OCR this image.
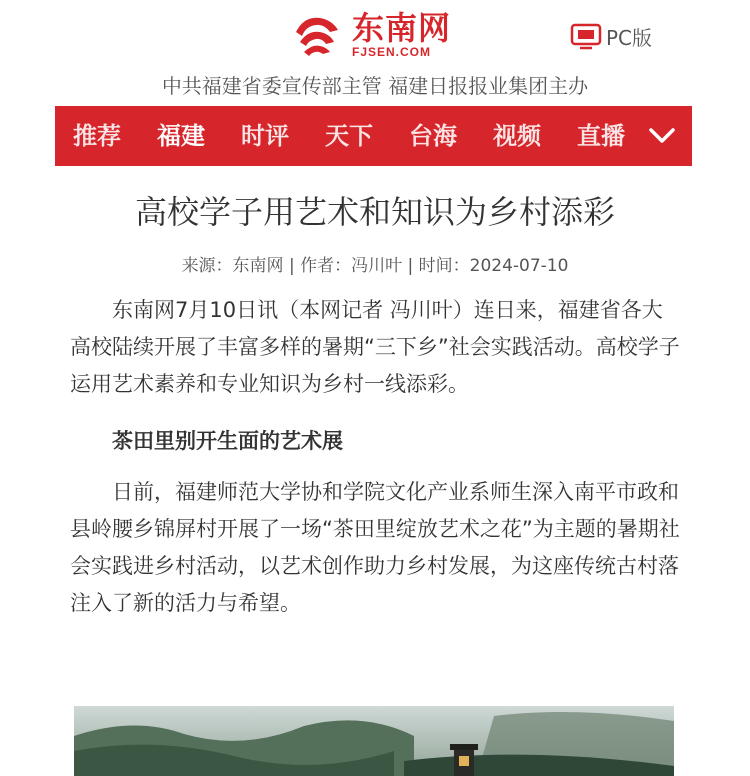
东南网
FJSEN.COM
PC版
中共福建省委宣传部主管 福建日报报业集团主办
推荐	福建	时评	天下	台海	视频	直播
高校学子用艺术和知识为乡村添彩
来源：东南网 | 作者：冯川叶 | 时间：2024-07-10

东南网7月10日讯（本网记者 冯川叶）连日来，福建省各大高校陆续开展了丰富多样的暑期“三下乡”社会实践活动。高校学子运用艺术素养和专业知识为乡村一线添彩。

茶田里别开生面的艺术展

日前，福建师范大学协和学院文化产业系师生深入南平市政和县岭腰乡锦屏村开展了一场“茶田里绽放艺术之花”为主题的暑期社会实践进乡村活动，以艺术创作助力乡村发展，为这座传统古村落注入了新的活力与希望。
